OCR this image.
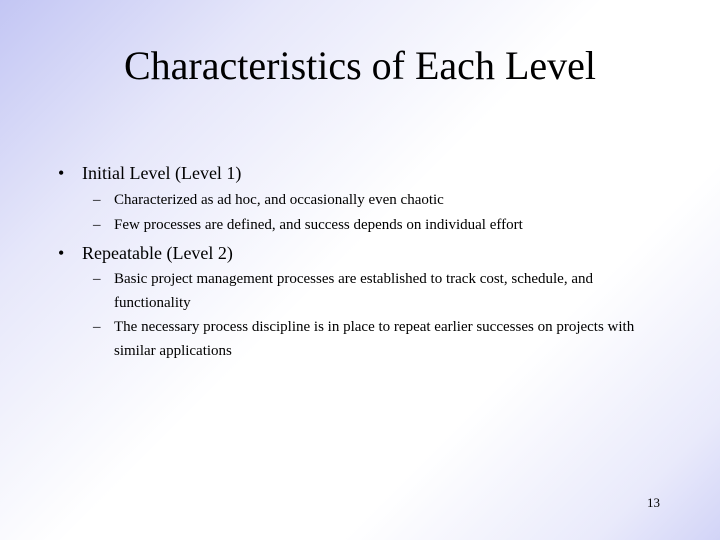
Characteristics of Each Level
• Initial Level (Level 1)
– Characterized as ad hoc, and occasionally even chaotic
– Few processes are defined, and success depends on individual effort
• Repeatable (Level 2)
– Basic project management processes are established to track cost, schedule, and functionality
– The necessary process discipline is in place to repeat earlier successes on projects with similar applications
13
